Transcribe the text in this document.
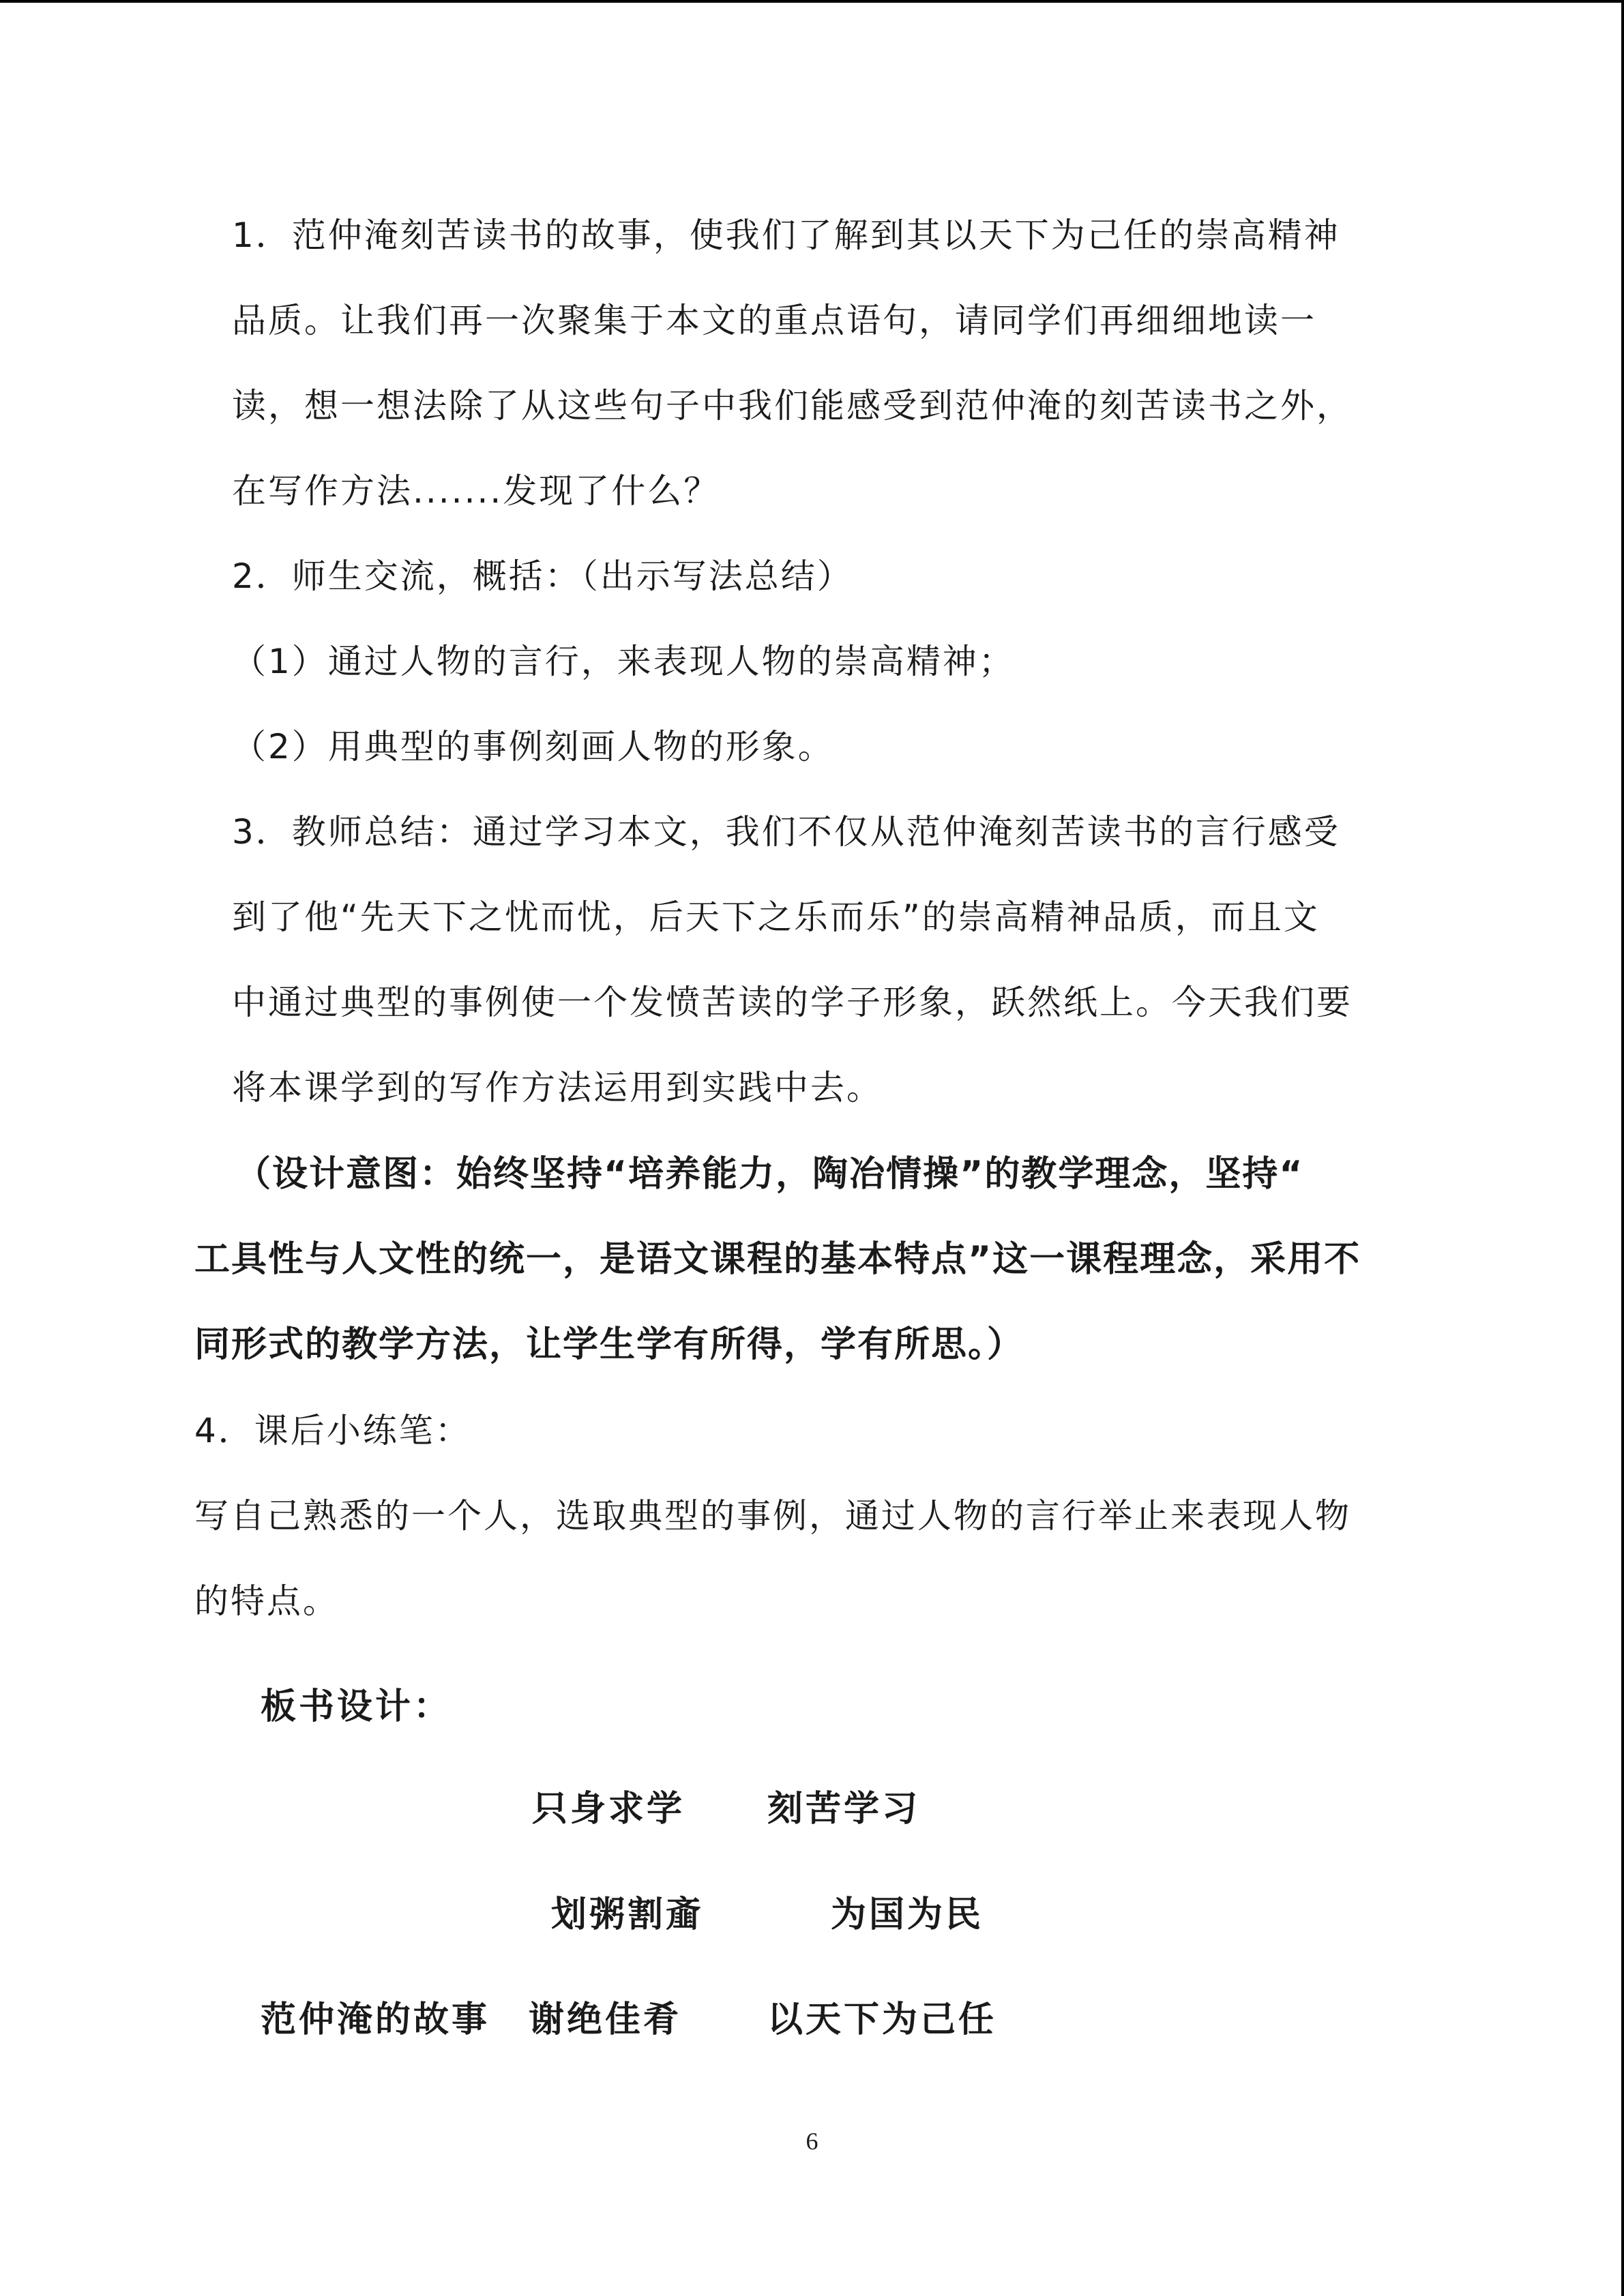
1．范仲淹刻苦读书的故事，使我们了解到其以天下为己任的崇高精神
品质。让我们再一次聚集于本文的重点语句，请同学们再细细地读一
读，想一想法除了从这些句子中我们能感受到范仲淹的刻苦读书之外，
在写作方法.......发现了什么？
2．师生交流，概括：（出示写法总结）
（1）通过人物的言行，来表现人物的崇高精神；
（2）用典型的事例刻画人物的形象。
3．教师总结：通过学习本文，我们不仅从范仲淹刻苦读书的言行感受
到了他“先天下之忧而忧，后天下之乐而乐”的崇高精神品质，而且文
中通过典型的事例使一个发愤苦读的学子形象，跃然纸上。今天我们要
将本课学到的写作方法运用到实践中去。
（设计意图：始终坚持“培养能力，陶冶情操”的教学理念，坚持“
工具性与人文性的统一，是语文课程的基本特点”这一课程理念，采用不
同形式的教学方法，让学生学有所得，学有所思。）
4．课后小练笔：
写自己熟悉的一个人，选取典型的事例，通过人物的言行举止来表现人物
的特点。
板书设计：
只身求学 刻苦学习
划粥割齑	为国为民
范仲淹的故事 谢绝佳肴 以天下为己任
6
